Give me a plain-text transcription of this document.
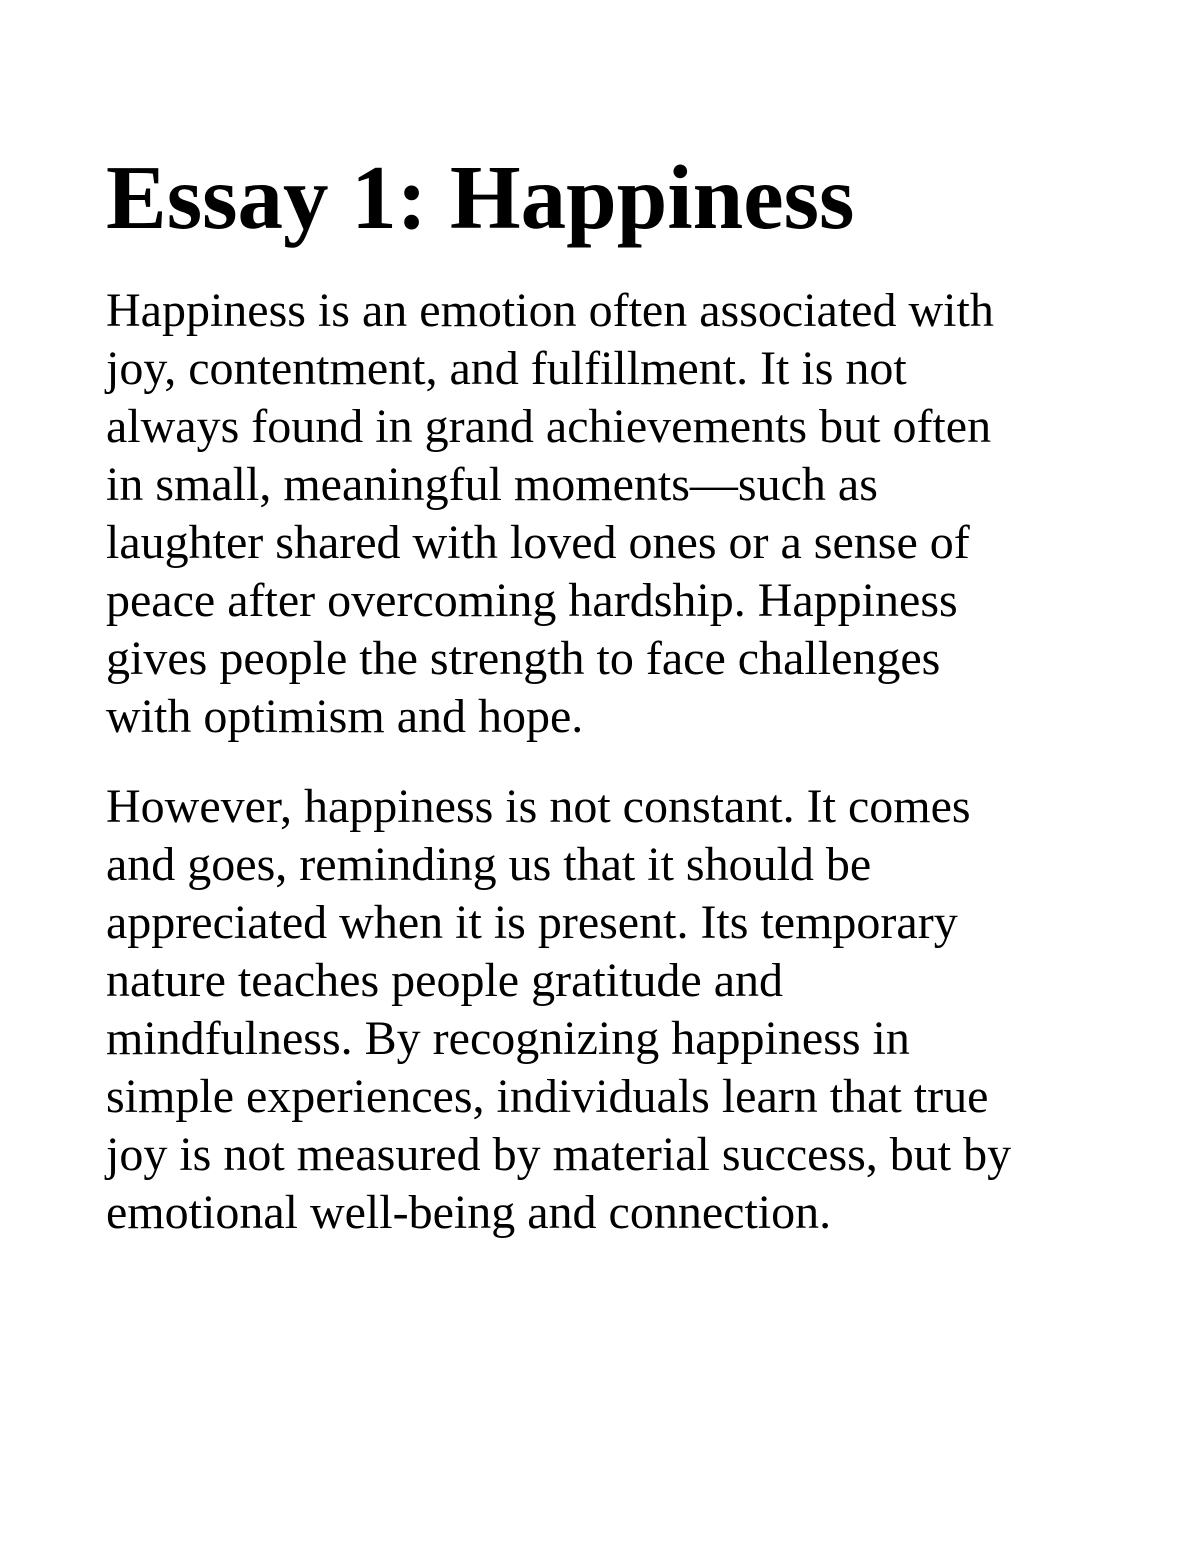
Essay 1: Happiness

Happiness is an emotion often associated with

joy, contentment, and fulfillment. It is not

always found in grand achievements but often

in small, meaningful moments—such as

laughter shared with loved ones or a sense of

peace after overcoming hardship. Happiness

gives people the strength to face challenges

with optimism and hope.

However, happiness is not constant. It comes

and goes, reminding us that it should be

appreciated when it is present. Its temporary

nature teaches people gratitude and

mindfulness. By recognizing happiness in

simple experiences, individuals learn that true

joy is not measured by material success, but by

emotional well-being and connection.
